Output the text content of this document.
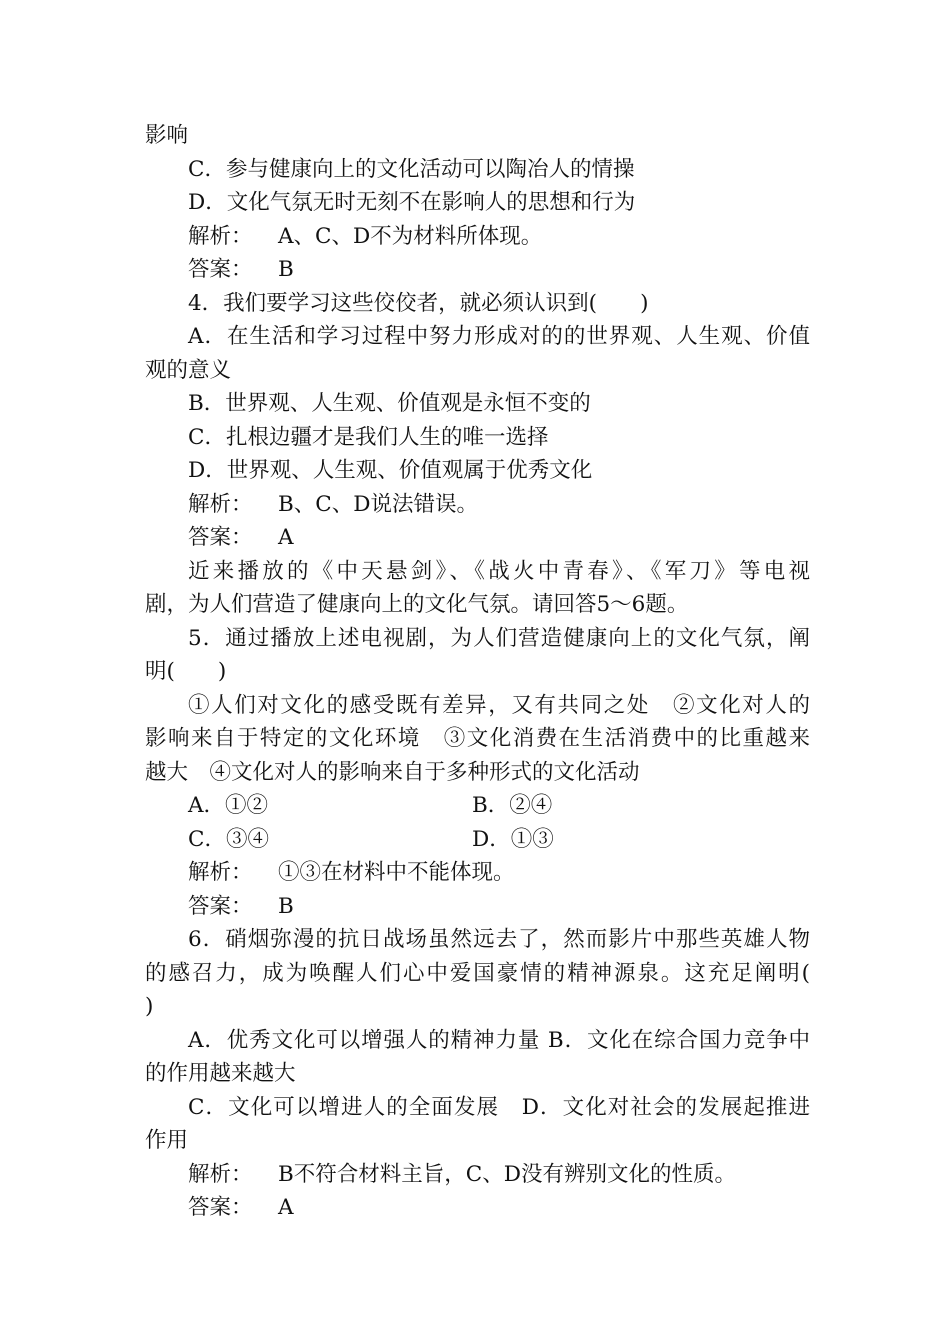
影响
C．参与健康向上的文化活动可以陶冶人的情操
D．文化气氛无时无刻不在影响人的思想和行为
解析： A、C、D不为材料所体现。
答案： B
4．我们要学习这些佼佼者，就必须认识到(　　)
A．在生活和学习过程中努力形成对的的世界观、人生观、价值
观的意义
B．世界观、人生观、价值观是永恒不变的
C．扎根边疆才是我们人生的唯一选择
D．世界观、人生观、价值观属于优秀文化
解析： B、C、D说法错误。
答案： A
近来播放的《中天悬剑》、《战火中青春》、《军刀》等电视
剧，为人们营造了健康向上的文化气氛。请回答5～6题。
5．通过播放上述电视剧，为人们营造健康向上的文化气氛，阐
明(　　)
①人们对文化的感受既有差异，又有共同之处　②文化对人的
影响来自于特定的文化环境　③文化消费在生活消费中的比重越来
越大　④文化对人的影响来自于多种形式的文化活动
A．①②	B．②④
C．③④	D．①③
解析： ①③在材料中不能体现。
答案： B
6．硝烟弥漫的抗日战场虽然远去了，然而影片中那些英雄人物
的感召力，成为唤醒人们心中爱国豪情的精神源泉。这充足阐明(
)
A．优秀文化可以增强人的精神力量 B．文化在综合国力竞争中
的作用越来越大
C．文化可以增进人的全面发展　D．文化对社会的发展起推进
作用
解析： B不符合材料主旨，C、D没有辨别文化的性质。
答案： A
